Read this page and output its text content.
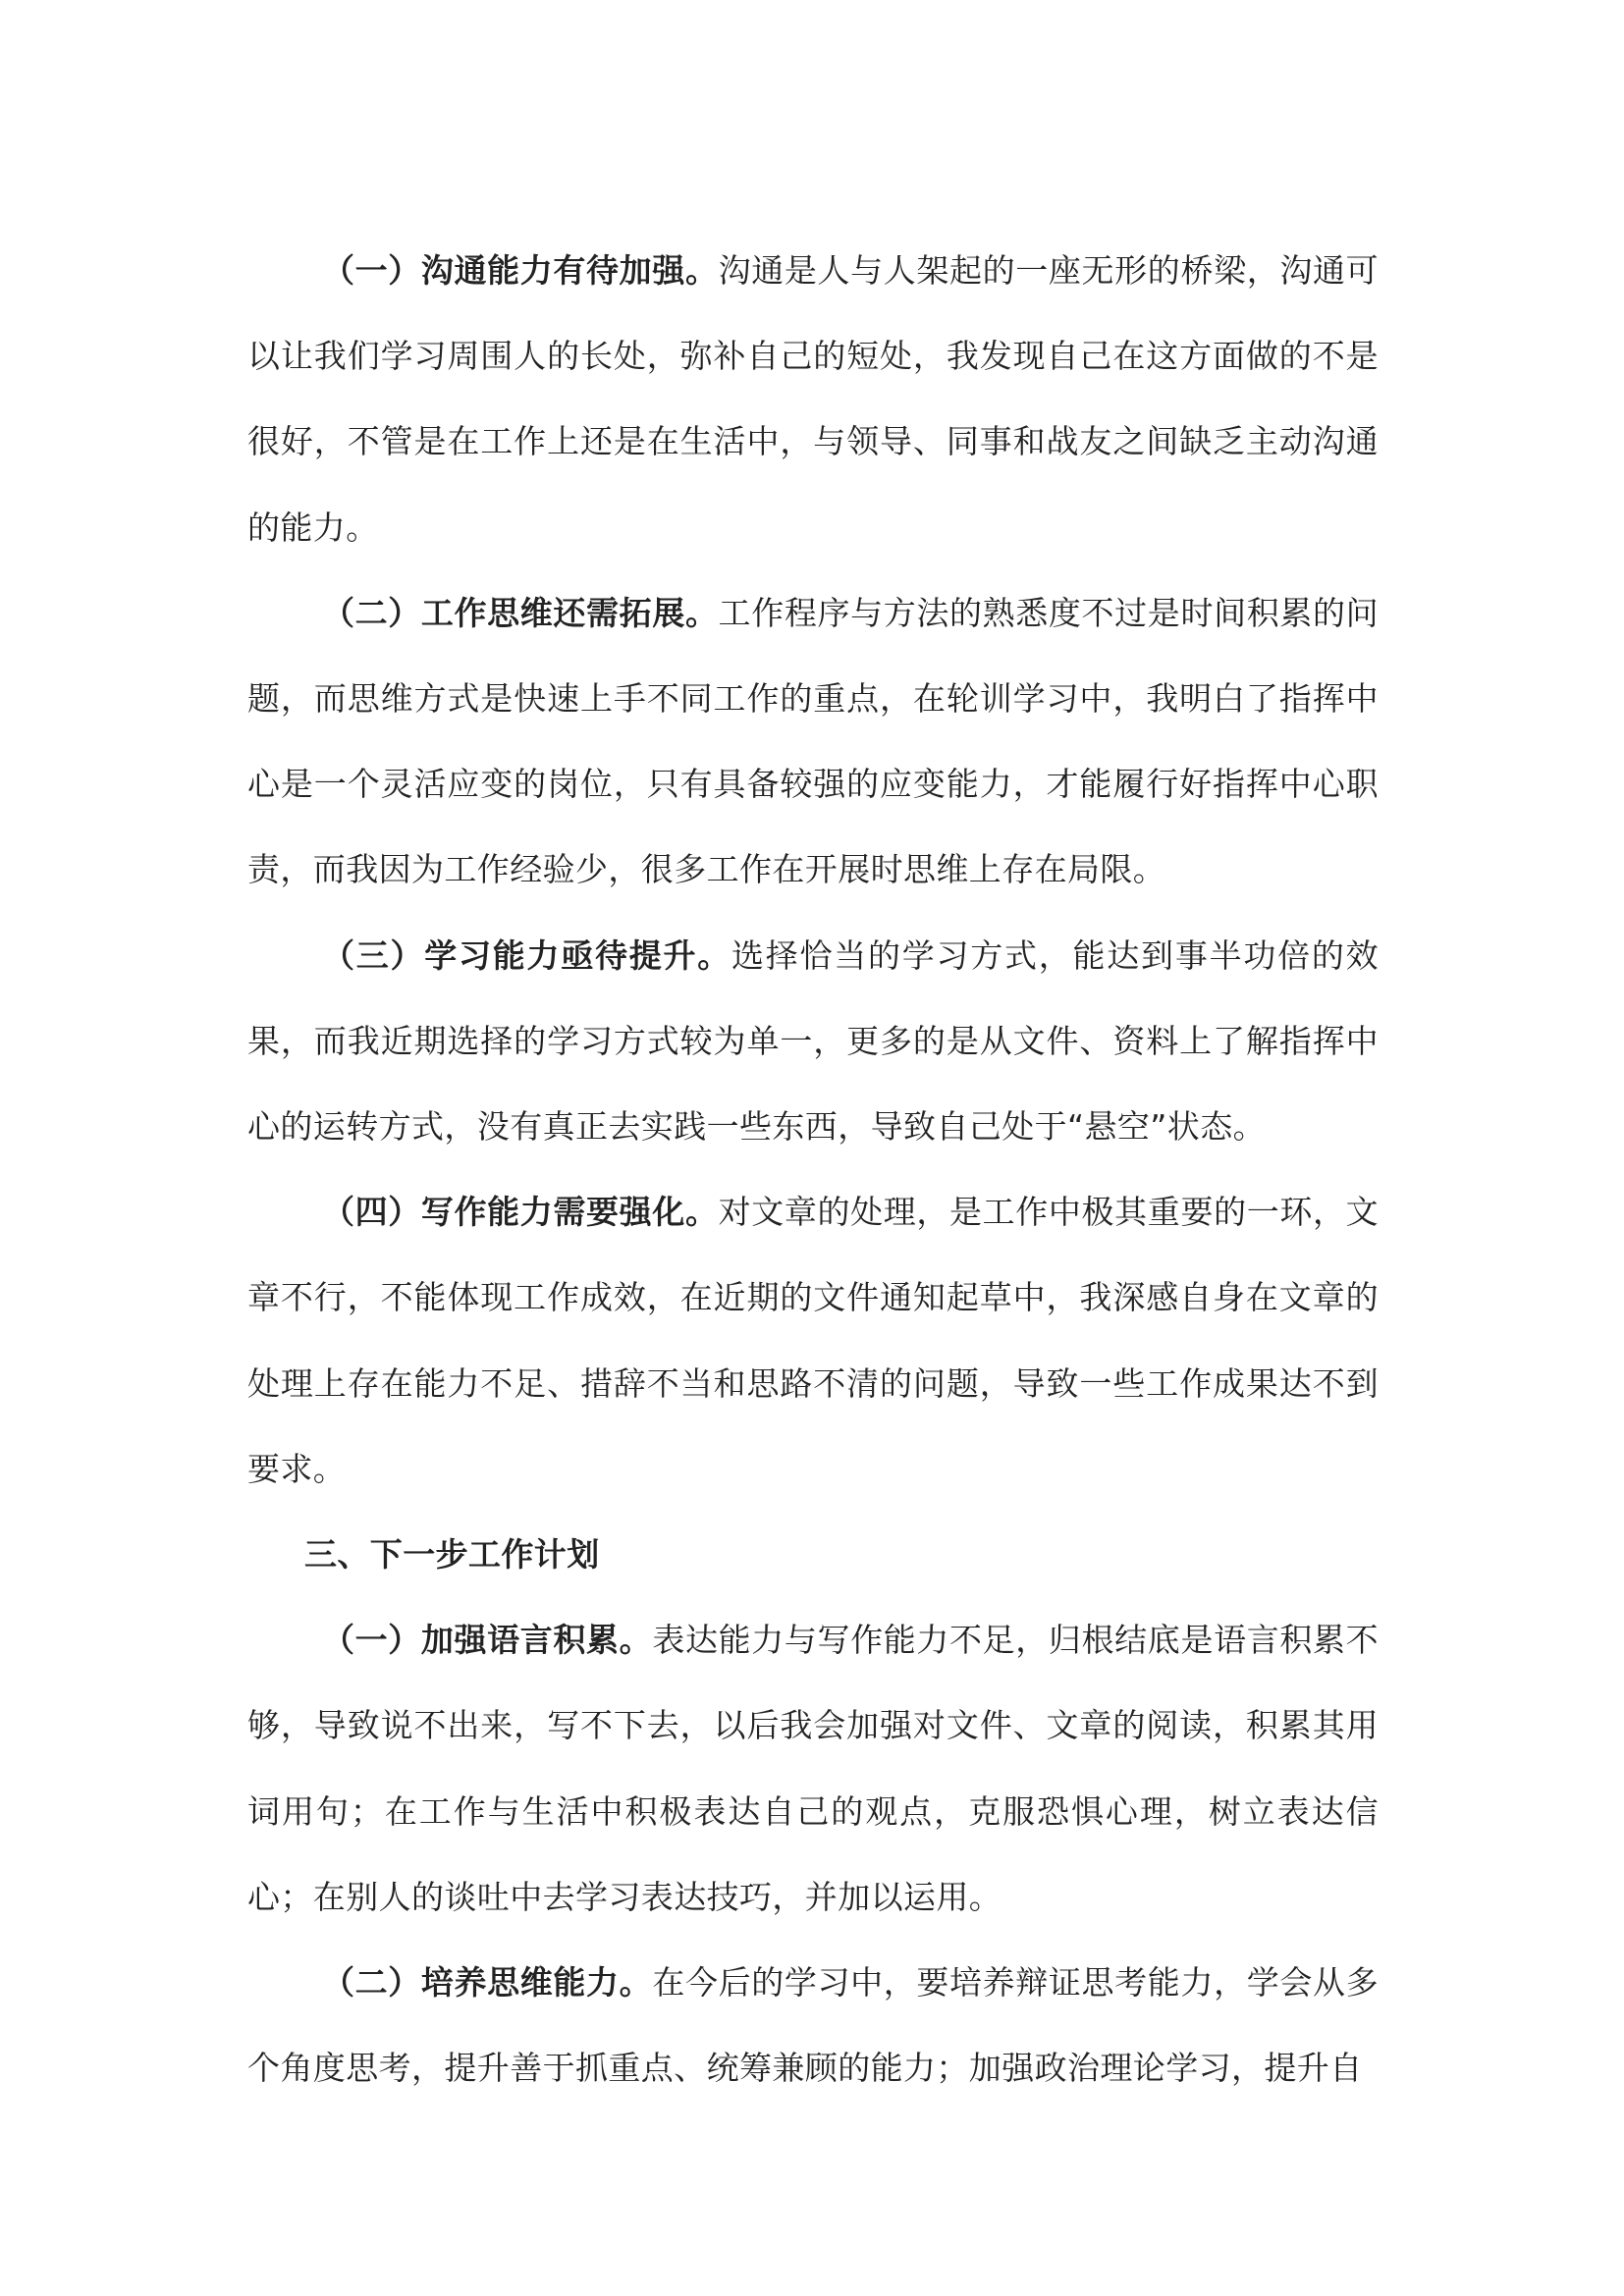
（一）沟通能力有待加强。沟通是人与人架起的一座无形的桥梁，沟通可以让我们学习周围人的长处，弥补自己的短处，我发现自己在这方面做的不是很好，不管是在工作上还是在生活中，与领导、同事和战友之间缺乏主动沟通的能力。

（二）工作思维还需拓展。工作程序与方法的熟悉度不过是时间积累的问题，而思维方式是快速上手不同工作的重点，在轮训学习中，我明白了指挥中心是一个灵活应变的岗位，只有具备较强的应变能力，才能履行好指挥中心职责，而我因为工作经验少，很多工作在开展时思维上存在局限。

（三）学习能力亟待提升。选择恰当的学习方式，能达到事半功倍的效果，而我近期选择的学习方式较为单一，更多的是从文件、资料上了解指挥中心的运转方式，没有真正去实践一些东西，导致自己处于“悬空”状态。

（四）写作能力需要强化。对文章的处理，是工作中极其重要的一环，文章不行，不能体现工作成效，在近期的文件通知起草中，我深感自身在文章的处理上存在能力不足、措辞不当和思路不清的问题，导致一些工作成果达不到要求。

三、下一步工作计划

（一）加强语言积累。表达能力与写作能力不足，归根结底是语言积累不够，导致说不出来，写不下去，以后我会加强对文件、文章的阅读，积累其用词用句；在工作与生活中积极表达自己的观点，克服恐惧心理，树立表达信心；在别人的谈吐中去学习表达技巧，并加以运用。

（二）培养思维能力。在今后的学习中，要培养辩证思考能力，学会从多个角度思考，提升善于抓重点、统筹兼顾的能力；加强政治理论学习，提升自
